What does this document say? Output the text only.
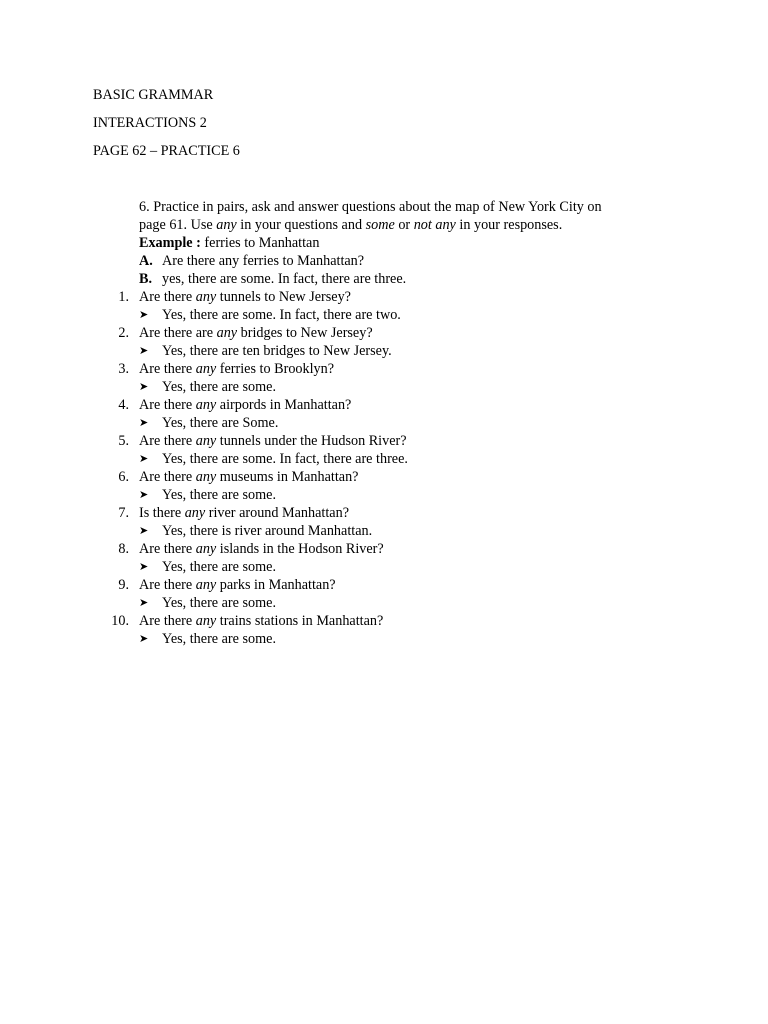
BASIC GRAMMAR

INTERACTIONS 2

PAGE 62 – PRACTICE 6

6. Practice in pairs, ask and answer questions about the map of New York City on

page 61. Use any in your questions and some or not any in your responses.

Example : ferries to Manhattan

A. Are there any ferries to Manhattan?

B. yes, there are some. In fact, there are three.

1. Are there any tunnels to New Jersey?
➤ Yes, there are some. In fact, there are two.
2. Are there are any bridges to New Jersey?
➤ Yes, there are ten bridges to New Jersey.
3. Are there any ferries to Brooklyn?
➤ Yes, there are some.
4. Are there any airpords in Manhattan?
➤ Yes, there are Some.
5. Are there any tunnels under the Hudson River?
➤ Yes, there are some. In fact, there are three.
6. Are there any museums in Manhattan?
➤ Yes, there are some.
7. Is there any river around Manhattan?
➤ Yes, there is river around Manhattan.
8. Are there any islands in the Hodson River?
➤ Yes, there are some.
9. Are there any parks in Manhattan?
➤ Yes, there are some.
10. Are there any trains stations in Manhattan?
➤ Yes, there are some.
